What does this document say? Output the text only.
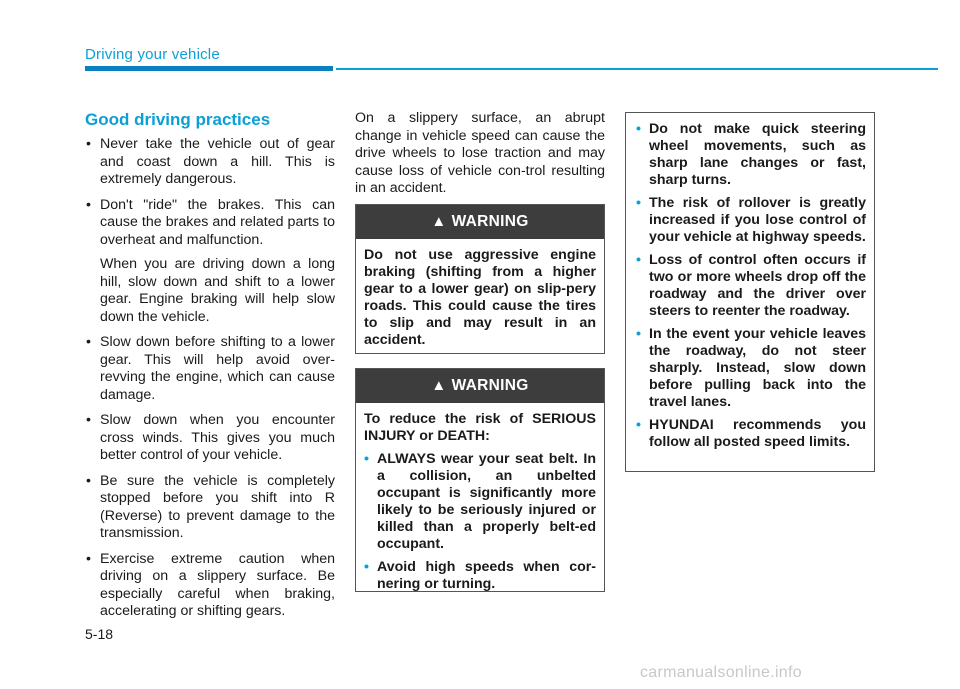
Driving your vehicle
Good driving practices
• Never take the vehicle out of gear and coast down a hill. This is extremely dangerous.
• Don't "ride" the brakes. This can cause the brakes and related parts to overheat and malfunction.
When you are driving down a long hill, slow down and shift to a lower gear. Engine braking will help slow down the vehicle.
• Slow down before shifting to a lower gear. This will help avoid over-revving the engine, which can cause damage.
• Slow down when you encounter cross winds. This gives you much better control of your vehicle.
• Be sure the vehicle is completely stopped before you shift into R (Reverse) to prevent damage to the transmission.
• Exercise extreme caution when driving on a slippery surface. Be especially careful when braking, accelerating or shifting gears.

On a slippery surface, an abrupt change in vehicle speed can cause the drive wheels to lose traction and may cause loss of vehicle con-trol resulting in an accident.

▲ WARNING

Do not use aggressive engine braking (shifting from a higher gear to a lower gear) on slip-pery roads. This could cause the tires to slip and may result in an accident.

▲ WARNING

To reduce the risk of SERIOUS INJURY or DEATH:

• ALWAYS wear your seat belt. In a collision, an unbelted occupant is significantly more likely to be seriously injured or killed than a properly belt-ed occupant.
• Avoid high speeds when cor-nering or turning.
• Do not make quick steering wheel movements, such as sharp lane changes or fast, sharp turns.
• The risk of rollover is greatly increased if you lose control of your vehicle at highway speeds.
• Loss of control often occurs if two or more wheels drop off the roadway and the driver over steers to reenter the roadway.
• In the event your vehicle leaves the roadway, do not steer sharply. Instead, slow down before pulling back into the travel lanes.
• HYUNDAI recommends you follow all posted speed limits.
5-18
carmanualsonline.info
